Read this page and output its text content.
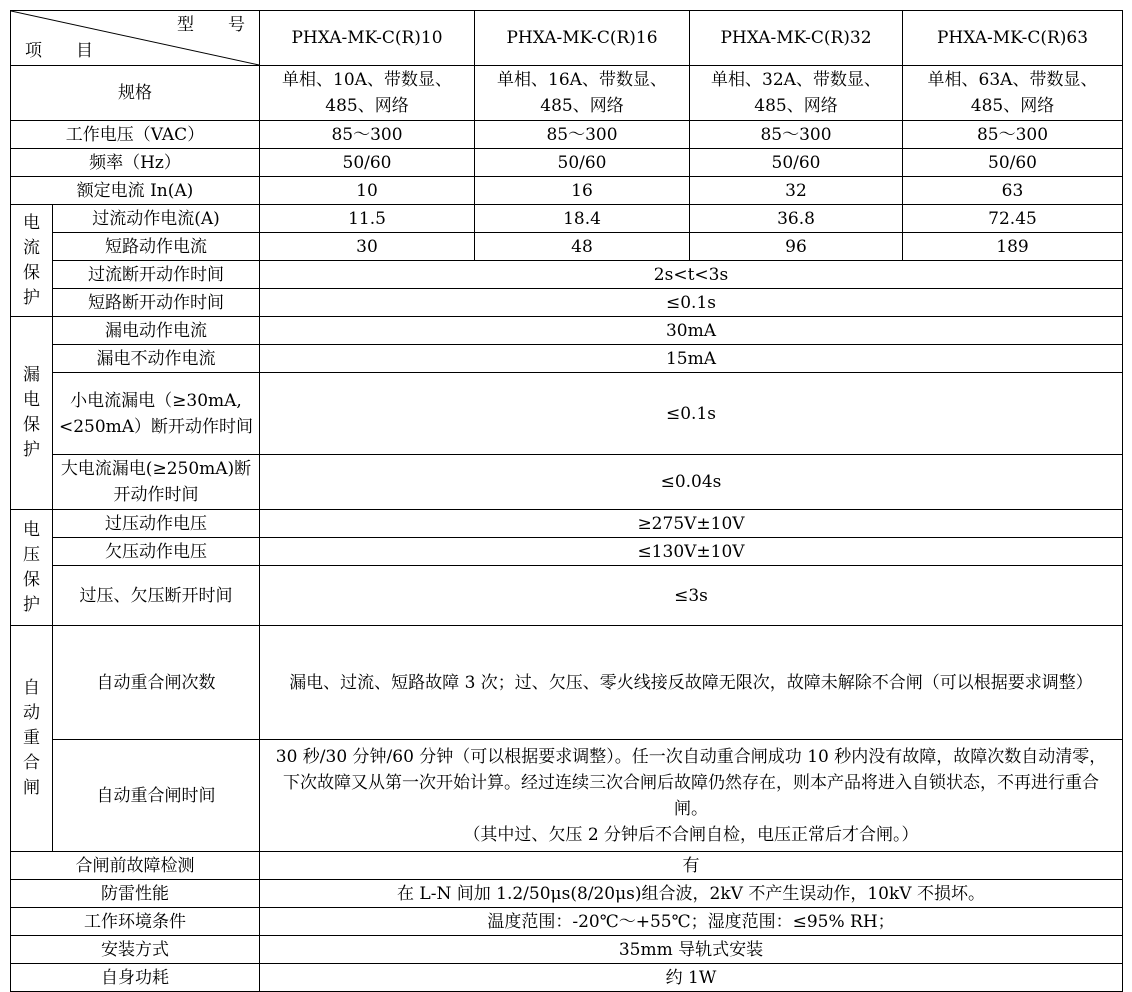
型　　号
项　　目		PHXA-MK-C(R)10	PHXA-MK-C(R)16	PHXA-MK-C(R)32	PHXA-MK-C(R)63
规格		单相、10A、带数显、485、网络	单相、16A、带数显、485、网络	单相、32A、带数显、485、网络	单相、63A、带数显、485、网络
工作电压（VAC）		85～300	85～300	85～300	85～300
频率（Hz）		50/60	50/60	50/60	50/60
额定电流 In(A)		10	16	32	63

电流保护	过流动作电流(A)	11.5	18.4	36.8	72.45
	短路动作电流	30	48	96	189
	过流断开动作时间	2s<t<3s			
	短路断开动作时间	≤0.1s			

漏电保护	漏电动作电流	30mA			
	漏电不动作电流	15mA			
	小电流漏电（≥30mA,<250mA）断开动作时间	≤0.1s			
	大电流漏电(≥250mA)断开动作时间	≤0.04s			

电压保护	过压动作电压	≥275V±10V			
	欠压动作电压	≤130V±10V			
	过压、欠压断开时间	≤3s			

自动重合闸	自动重合闸次数	漏电、过流、短路故障 3 次；过、欠压、零火线接反故障无限次，故障未解除不合闸（可以根据要求调整）			
	自动重合闸时间	30 秒/30 分钟/60 分钟（可以根据要求调整）。任一次自动重合闸成功 10 秒内没有故障，故障次数自动清零，下次故障又从第一次开始计算。经过连续三次合闸后故障仍然存在，则本产品将进入自锁状态，不再进行重合闸。
（其中过、欠压 2 分钟后不合闸自检，电压正常后才合闸。）			
合闸前故障检测		有			
防雷性能		在 L-N 间加 1.2/50μs(8/20μs)组合波，2kV 不产生误动作，10kV 不损坏。			
工作环境条件		温度范围：-20℃～+55℃；湿度范围：≤95% RH；			
安装方式		35mm 导轨式安装			
自身功耗		约 1W			
